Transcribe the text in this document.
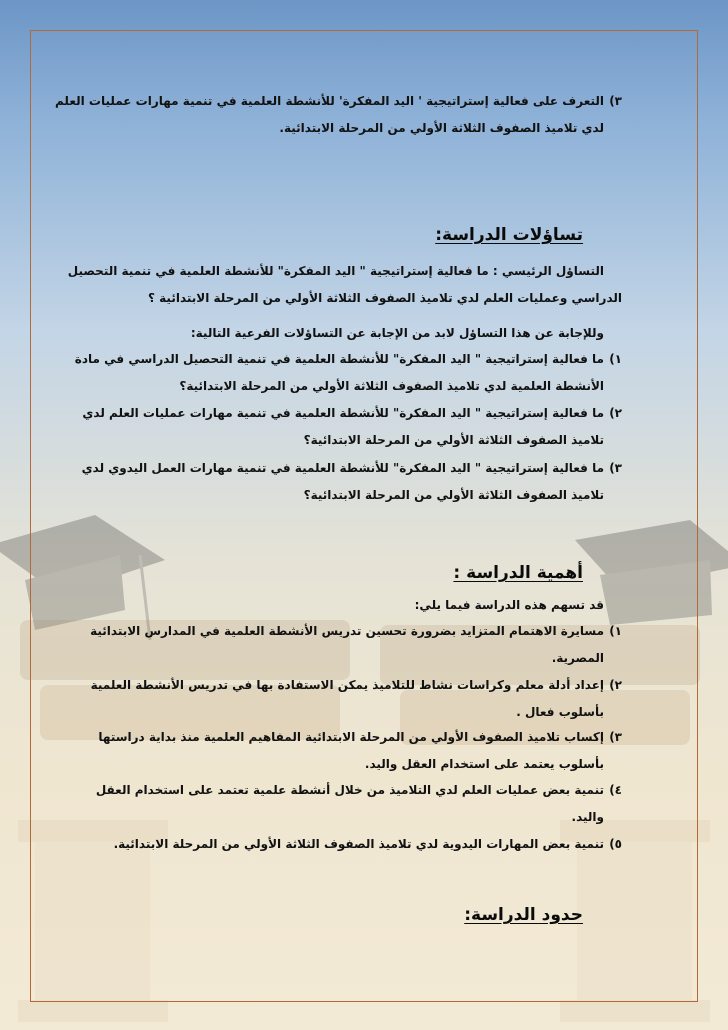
٣)التعرف على فعالية إستراتيجية ' اليد المفكرة' للأنشطة العلمية في تنمية مهارات عمليات العلم
لدي تلاميذ الصفوف الثلاثة الأولي من المرحلة الابتدائية.
تساؤلات الدراسة:
التساؤل الرئيسي : ما فعالية إستراتيجية " اليد المفكرة" للأنشطة العلمية في تنمية التحصيل
الدراسي وعمليات العلم لدي تلاميذ الصفوف الثلاثة الأولي من المرحلة الابتدائية ؟
وللإجابة عن هذا التساؤل لابد من الإجابة عن التساؤلات الفرعية التالية:
١)ما فعالية إستراتيجية " اليد المفكرة" للأنشطة العلمية في تنمية التحصيل الدراسي في مادة
الأنشطة العلمية لدي تلاميذ الصفوف الثلاثة الأولي من المرحلة الابتدائية؟
٢)ما فعالية إستراتيجية " اليد المفكرة" للأنشطة العلمية في تنمية مهارات عمليات العلم لدي
تلاميذ الصفوف الثلاثة الأولي من المرحلة الابتدائية؟
٣)ما فعالية إستراتيجية " اليد المفكرة" للأنشطة العلمية في تنمية مهارات العمل اليدوي لدي
تلاميذ الصفوف الثلاثة الأولي من المرحلة الابتدائية؟
أهمية الدراسة :
قد تسهم هذه الدراسة فيما يلي:
١)مسايرة الاهتمام المتزايد بضرورة تحسين تدريس الأنشطة العلمية في المدارس الابتدائية
المصرية.
٢)إعداد أدلة معلم وكراسات نشاط للتلاميذ يمكن الاستفادة بها في تدريس الأنشطة العلمية
بأسلوب فعال .
٣)إكساب تلاميذ الصفوف الأولي من المرحلة الابتدائية المفاهيم العلمية منذ بداية دراستها
بأسلوب يعتمد على استخدام العقل واليد.
٤)تنمية بعض عمليات العلم لدي التلاميذ من خلال أنشطة علمية تعتمد على استخدام العقل
واليد.
٥)تنمية بعض المهارات اليدوية لدي تلاميذ الصفوف الثلاثة الأولي من المرحلة الابتدائية.
حدود الدراسة:
